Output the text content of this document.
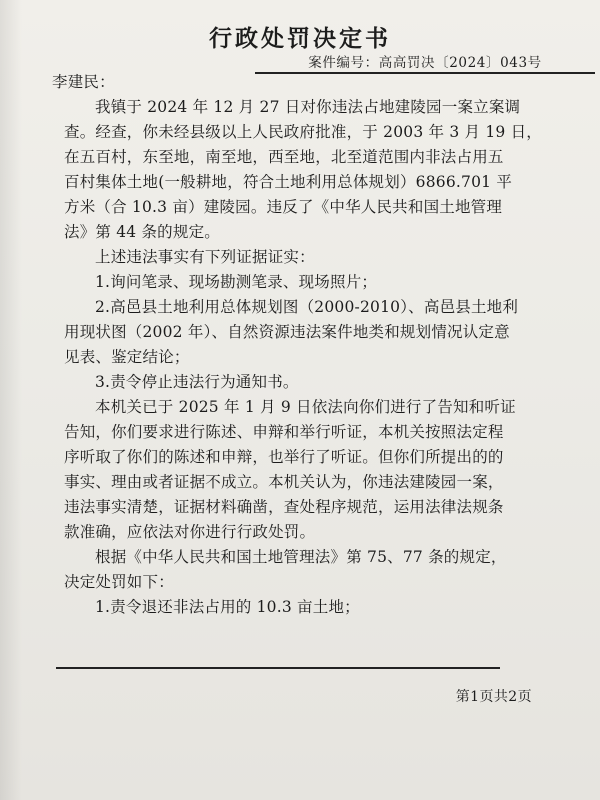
行政处罚决定书
案件编号：高高罚决〔2024〕043号
李建民：
我镇于 2024 年 12 月 27 日对你违法占地建陵园一案立案调
查。经查，你未经县级以上人民政府批准，于 2003 年 3 月 19 日，
在五百村，东至地，南至地，西至地，北至道范围内非法占用五
百村集体土地(一般耕地，符合土地利用总体规划）6866.701 平
方米（合 10.3 亩）建陵园。违反了《中华人民共和国土地管理
法》第 44 条的规定。
上述违法事实有下列证据证实：
1.询问笔录、现场勘测笔录、现场照片；
2.高邑县土地利用总体规划图（2000-2010）、高邑县土地利
用现状图（2002 年）、自然资源违法案件地类和规划情况认定意
见表、鉴定结论；
3.责令停止违法行为通知书。
本机关已于 2025 年 1 月 9 日依法向你们进行了告知和听证
告知，你们要求进行陈述、申辩和举行听证，本机关按照法定程
序听取了你们的陈述和申辩，也举行了听证。但你们所提出的的
事实、理由或者证据不成立。本机关认为，你违法建陵园一案，
违法事实清楚，证据材料确凿，查处程序规范，运用法律法规条
款准确，应依法对你进行行政处罚。
根据《中华人民共和国土地管理法》第 75、77 条的规定，
决定处罚如下：
1.责令退还非法占用的 10.3 亩土地；
第1页共2页
